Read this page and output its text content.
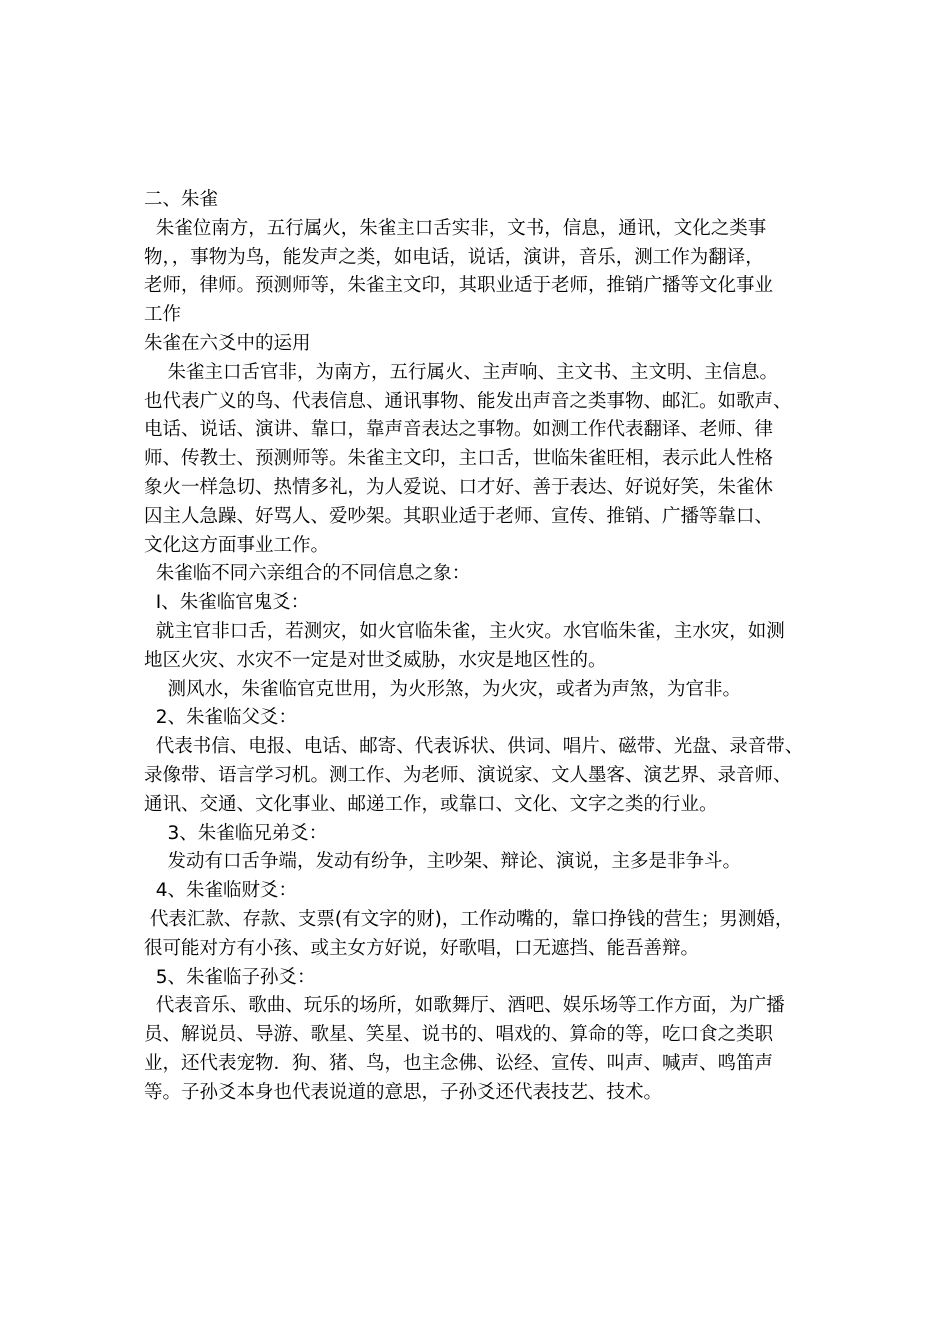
二、朱雀
朱雀位南方，五行属火，朱雀主口舌实非，文书，信息，通讯，文化之类事
物，，事物为鸟，能发声之类，如电话，说话，演讲，音乐，测工作为翻译，
老师，律师。预测师等，朱雀主文印，其职业适于老师，推销广播等文化事业
工作
朱雀在六爻中的运用
朱雀主口舌官非，为南方，五行属火、主声响、主文书、主文明、主信息。
也代表广义的鸟、代表信息、通讯事物、能发出声音之类事物、邮汇。如歌声、
电话、说话、演讲、靠口，靠声音表达之事物。如测工作代表翻译、老师、律
师、传教士、预测师等。朱雀主文印，主口舌，世临朱雀旺相，表示此人性格
象火一样急切、热情多礼，为人爱说、口才好、善于表达、好说好笑，朱雀休
囚主人急躁、好骂人、爱吵架。其职业适于老师、宣传、推销、广播等靠口、
文化这方面事业工作。
朱雀临不同六亲组合的不同信息之象：
I、朱雀临官鬼爻：
就主官非口舌，若测灾，如火官临朱雀，主火灾。水官临朱雀，主水灾，如测
地区火灾、水灾不一定是对世爻威胁，水灾是地区性的。
测风水，朱雀临官克世用，为火形煞，为火灾，或者为声煞，为官非。
2、朱雀临父爻：
代表书信、电报、电话、邮寄、代表诉状、供词、唱片、磁带、光盘、录音带、
录像带、语言学习机。测工作、为老师、演说家、文人墨客、演艺界、录音师、
通讯、交通、文化事业、邮递工作，或靠口、文化、文字之类的行业。
3、朱雀临兄弟爻：
发动有口舌争端，发动有纷争，主吵架、辩论、演说，主多是非争斗。
4、朱雀临财爻：
代表汇款、存款、支票(有文字的财)，工作动嘴的，靠口挣钱的营生；男测婚，
很可能对方有小孩、或主女方好说，好歌唱，口无遮挡、能吾善辩。
5、朱雀临子孙爻：
代表音乐、歌曲、玩乐的场所，如歌舞厅、酒吧、娱乐场等工作方面，为广播
员、解说员、导游、歌星、笑星、说书的、唱戏的、算命的等，吃口食之类职
业，还代表宠物．狗、猪、鸟，也主念佛、讼经、宣传、叫声、喊声、鸣笛声
等。子孙爻本身也代表说道的意思，子孙爻还代表技艺、技术。
